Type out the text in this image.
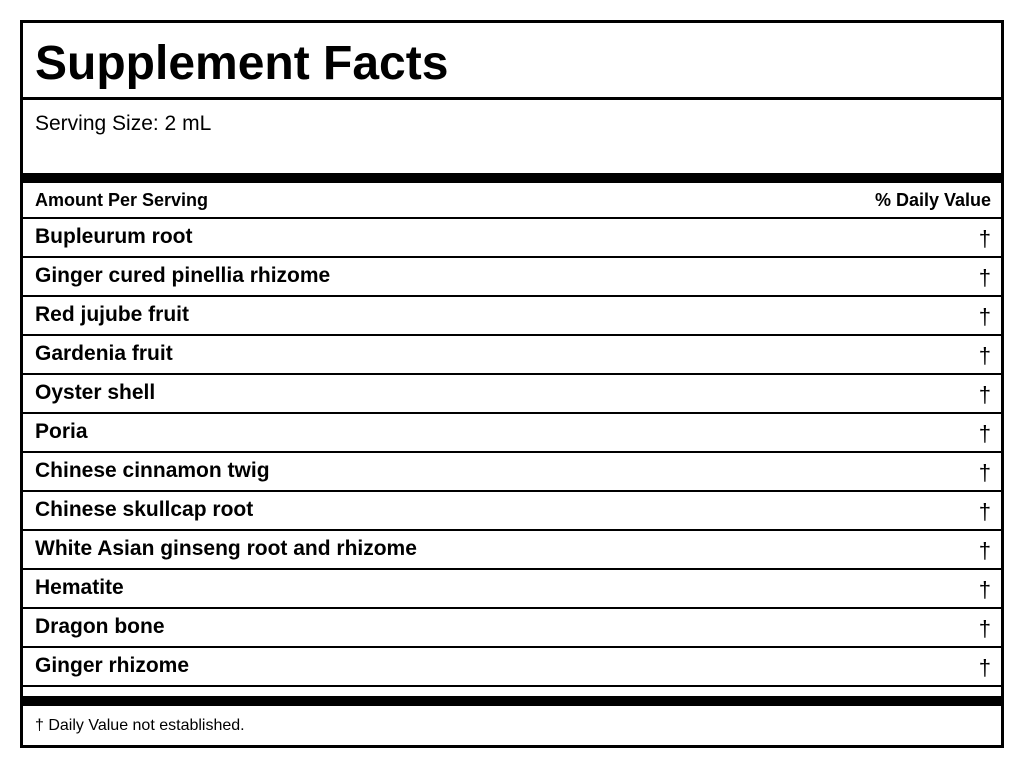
Supplement Facts
Serving Size: 2 mL
Amount Per Serving	% Daily Value
Bupleurum root	†
Ginger cured pinellia rhizome	†
Red jujube fruit	†
Gardenia fruit	†
Oyster shell	†
Poria	†
Chinese cinnamon twig	†
Chinese skullcap root	†
White Asian ginseng root and rhizome	†
Hematite	†
Dragon bone	†
Ginger rhizome	†
† Daily Value not established.
